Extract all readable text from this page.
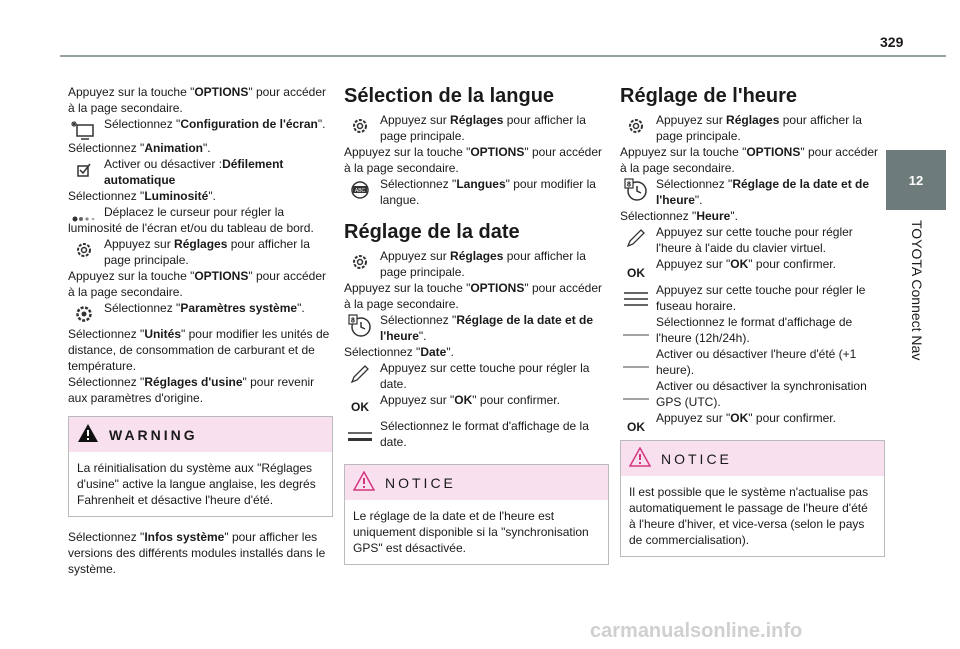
329
12
TOYOTA Connect Nav

Appuyez sur la touche "OPTIONS" pour accéder à la page secondaire.

Sélectionnez "Configuration de l'écran".

Sélectionnez "Animation".

Activer ou désactiver :Défilement automatique

Sélectionnez "Luminosité".

Déplacez le curseur pour régler la luminosité de l'écran et/ou du tableau de bord.
Appuyez sur Réglages pour afficher la page principale.

Appuyez sur la touche "OPTIONS" pour accéder à la page secondaire.

Sélectionnez "Paramètres système".

Sélectionnez "Unités" pour modifier les unités de distance, de consommation de carburant et de température.

Sélectionnez "Réglages d'usine" pour revenir aux paramètres d'origine.

WARNING
La réinitialisation du système aux "Réglages d'usine" active la langue anglaise, les degrés Fahrenheit et désactive l'heure d'été.

Sélectionnez "Infos système" pour afficher les versions des différents modules installés dans le système.

Sélection de la langue
Appuyez sur Réglages pour afficher la page principale.

Appuyez sur la touche "OPTIONS" pour accéder à la page secondaire.

ABC Sélectionnez "Langues" pour modifier la langue.
Réglage de la date
Appuyez sur Réglages pour afficher la page principale.

Appuyez sur la touche "OPTIONS" pour accéder à la page secondaire.

8 Sélectionnez "Réglage de la date et de l'heure".

Sélectionnez "Date".

Appuyez sur cette touche pour régler la date.
OK Appuyez sur "OK" pour confirmer.
Sélectionnez le format d'affichage de la date.
NOTICE
Le réglage de la date et de l'heure est uniquement disponible si la "synchronisation GPS" est désactivée.
Réglage de l'heure
Appuyez sur Réglages pour afficher la page principale.

Appuyez sur la touche "OPTIONS" pour accéder à la page secondaire.

8 Sélectionnez "Réglage de la date et de l'heure".

Sélectionnez "Heure".

Appuyez sur cette touche pour régler l'heure à l'aide du clavier virtuel.
OK
Appuyez sur "OK" pour confirmer.
Appuyez sur cette touche pour régler le fuseau horaire.
Sélectionnez le format d'affichage de l'heure (12h/24h).
Activer ou désactiver l'heure d'été (+1 heure).
Activer ou désactiver la synchronisation GPS (UTC).
OK
Appuyez sur "OK" pour confirmer.
NOTICE
Il est possible que le système n'actualise pas automatiquement le passage de l'heure d'été à l'heure d'hiver, et vice-versa (selon le pays de commercialisation).
carmanualsonline.info
